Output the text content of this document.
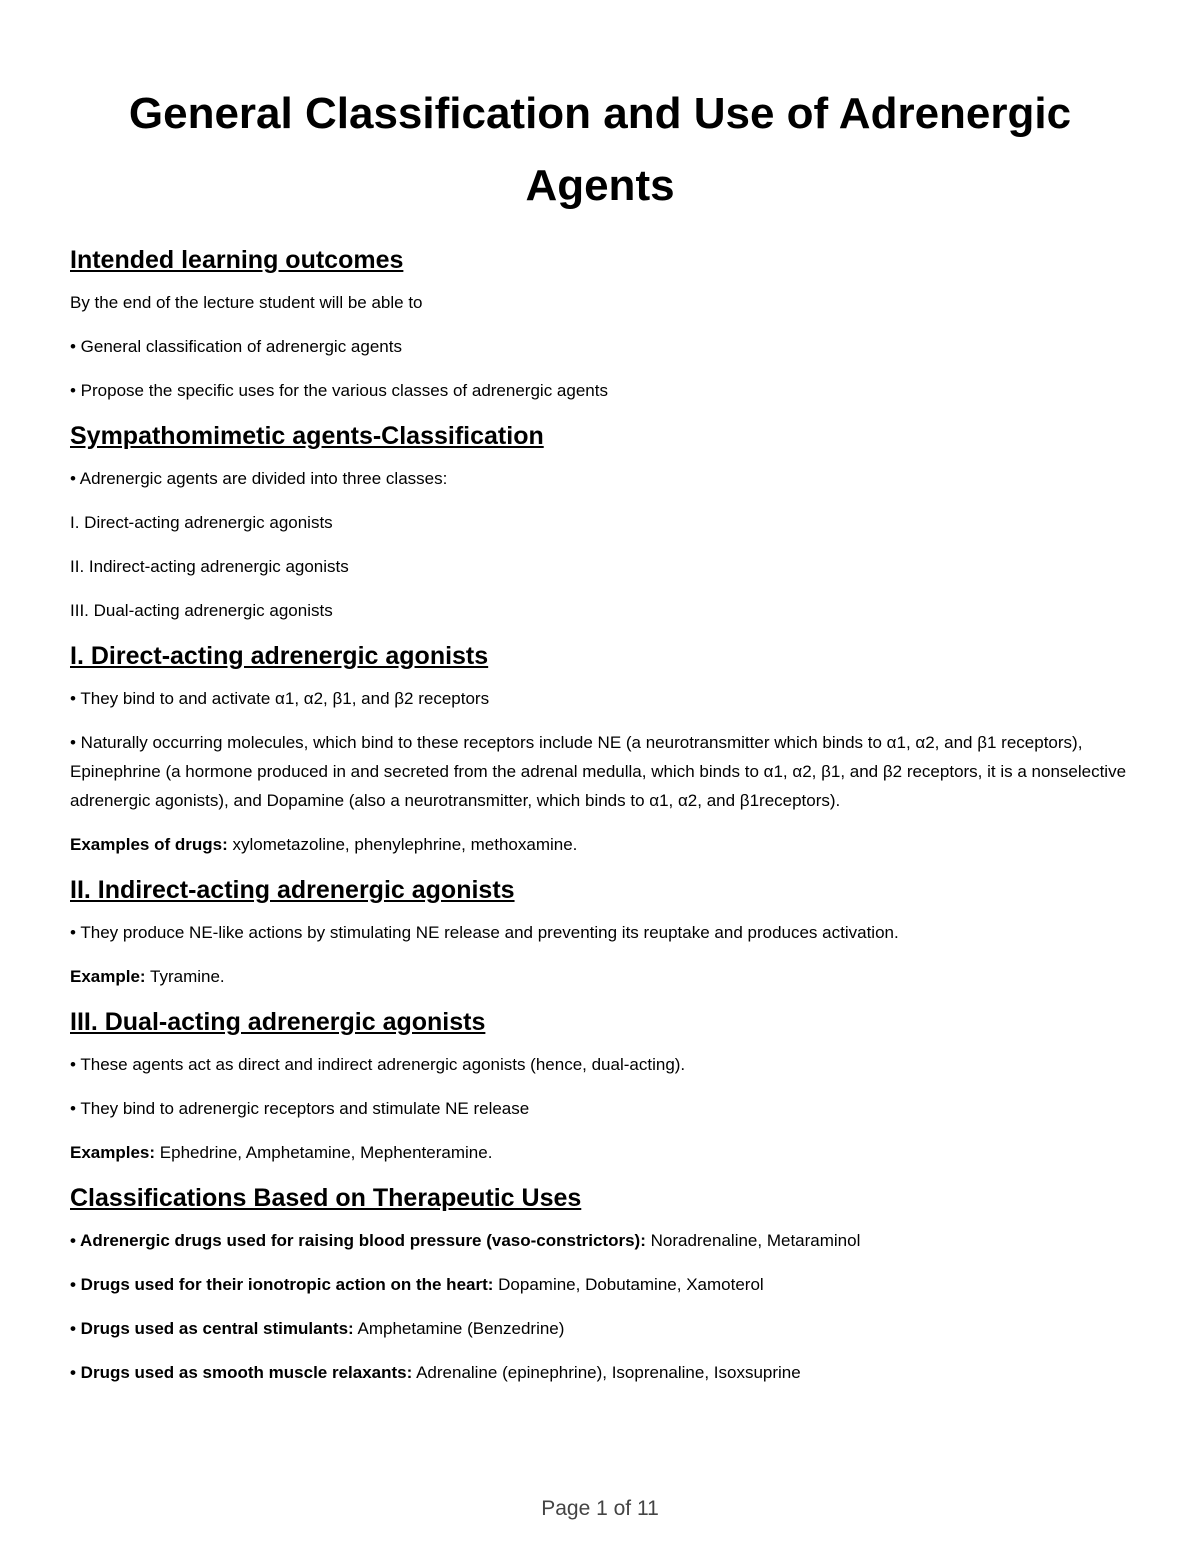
General Classification and Use of Adrenergic Agents
Intended learning outcomes
By the end of the lecture student will be able to
• General classification of adrenergic agents
• Propose the specific uses for the various classes of adrenergic agents
Sympathomimetic agents-Classification
• Adrenergic agents are divided into three classes:
I. Direct-acting adrenergic agonists
II. Indirect-acting adrenergic agonists
III. Dual-acting adrenergic agonists
I. Direct-acting adrenergic agonists
• They bind to and activate α1, α2, β1, and β2 receptors
• Naturally occurring molecules, which bind to these receptors include NE (a neurotransmitter which binds to α1, α2, and β1 receptors), Epinephrine (a hormone produced in and secreted from the adrenal medulla, which binds to α1, α2, β1, and β2 receptors, it is a nonselective adrenergic agonists), and Dopamine (also a neurotransmitter, which binds to α1, α2, and β1receptors).
Examples of drugs: xylometazoline, phenylephrine, methoxamine.
II. Indirect-acting adrenergic agonists
• They produce NE-like actions by stimulating NE release and preventing its reuptake and produces activation.
Example: Tyramine.
III. Dual-acting adrenergic agonists
• These agents act as direct and indirect adrenergic agonists (hence, dual-acting).
• They bind to adrenergic receptors and stimulate NE release
Examples: Ephedrine, Amphetamine, Mephenteramine.
Classifications Based on Therapeutic Uses
• Adrenergic drugs used for raising blood pressure (vaso-constrictors): Noradrenaline, Metaraminol
• Drugs used for their ionotropic action on the heart: Dopamine, Dobutamine, Xamoterol
• Drugs used as central stimulants: Amphetamine (Benzedrine)
• Drugs used as smooth muscle relaxants: Adrenaline (epinephrine), Isoprenaline, Isoxsuprine
Page 1 of 11
